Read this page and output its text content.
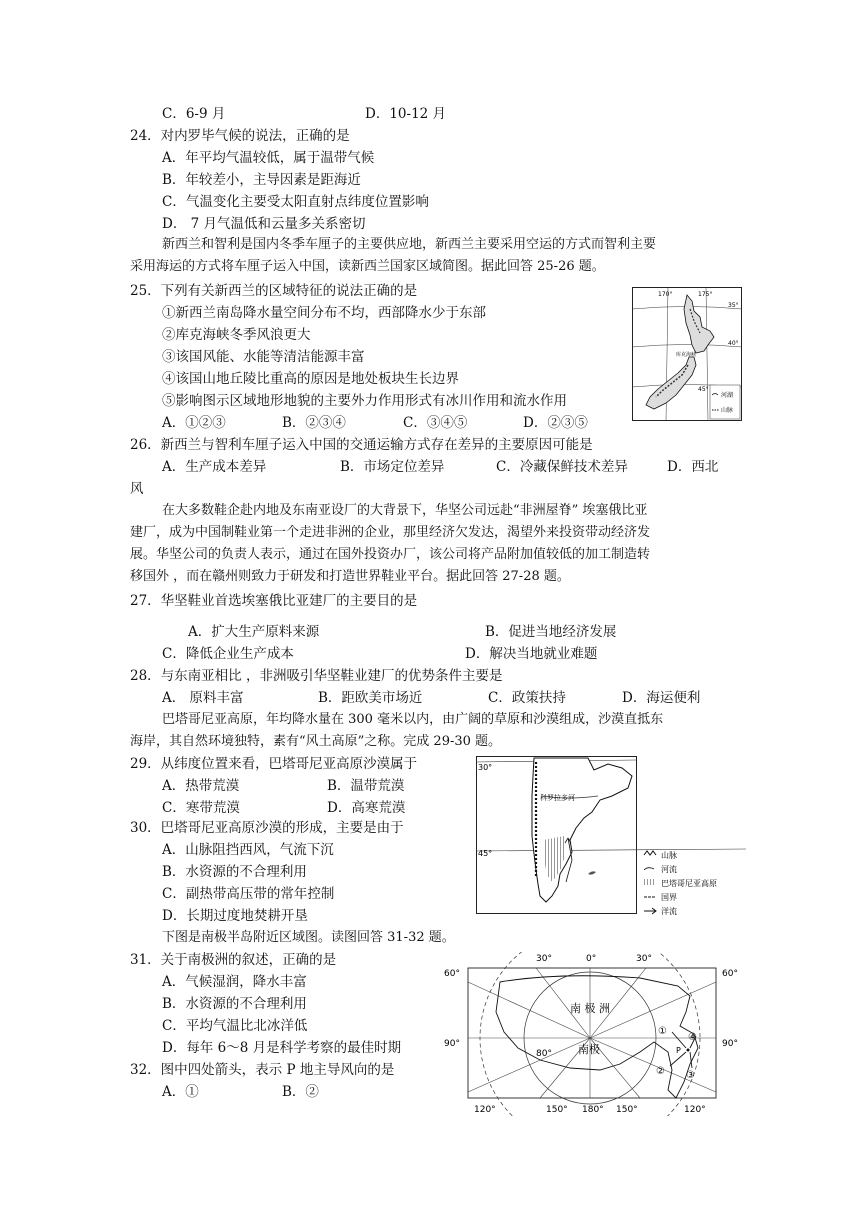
C．6-9 月	D．10-12 月
24．对内罗毕气候的说法，正确的是
A．年平均气温较低，属于温带气候
B．年较差小，主导因素是距海近
C．气温变化主要受太阳直射点纬度位置影响
D． 7 月气温低和云量多关系密切
新西兰和智利是国内冬季车厘子的主要供应地，新西兰主要采用空运的方式而智利主要
采用海运的方式将车厘子运入中国，读新西兰国家区域简图。据此回答 25-26 题。
25．下列有关新西兰的区域特征的说法正确的是
①新西兰南岛降水量空间分布不均，西部降水少于东部
②库克海峡冬季风浪更大
③该国风能、水能等清洁能源丰富
④该国山地丘陵比重高的原因是地处板块生长边界
⑤影响图示区域地形地貌的主要外力作用形式有冰川作用和流水作用
A．①②③	B．②③④	C．③④⑤	D．②③⑤
170°	175°
35°
40°
45°
库克海峡
河湖
山脉
26．新西兰与智利车厘子运入中国的交通运输方式存在差异的主要原因可能是
A．生产成本差异	B．市场定位差异	C．冷藏保鲜技术差异	D．西北
风
在大多数鞋企赴内地及东南亚设厂的大背景下，华坚公司远赴“非洲屋脊” 埃塞俄比亚
建厂，成为中国制鞋业第一个走进非洲的企业，那里经济欠发达，渴望外来投资带动经济发
展。华坚公司的负责人表示，通过在国外投资办厂，该公司将产品附加值较低的加工制造转
移国外 ，而在赣州则致力于研发和打造世界鞋业平台。据此回答 27-28 题。
27．华坚鞋业首选埃塞俄比亚建厂的主要目的是
A．扩大生产原料来源	B．促进当地经济发展
C．降低企业生产成本	D．解决当地就业难题
28．与东南亚相比 ，非洲吸引华坚鞋业建厂的优势条件主要是
A． 原料丰富	B．距欧美市场近	C．政策扶持	D．海运便利
巴塔哥尼亚高原，年均降水量在 300 毫米以内，由广阔的草原和沙漠组成，沙漠直抵东
海岸，其自然环境独特，素有“风土高原”之称。完成 29-30 题。
29．从纬度位置来看，巴塔哥尼亚高原沙漠属于
A．热带荒漠	B．温带荒漠
C．寒带荒漠	D．高寒荒漠
30°
45°
科罗拉多河
山脉
河流
巴塔哥尼亚高原
国界
洋流
30．巴塔哥尼亚高原沙漠的形成，主要是由于
A．山脉阻挡西风，气流下沉
B．水资源的不合理利用
C．副热带高压带的常年控制
D．长期过度地焚耕开垦
下图是南极半岛附近区域图。读图回答 31-32 题。
31．关于南极洲的叙述，正确的是
A．气候湿润，降水丰富
B．水资源的不合理利用
C．平均气温比北冰洋低
D．每年 6～8 月是科学考察的最佳时期
32．图中四处箭头，表示 P 地主导风向的是
A．①	B．②
30°	0°	30°
60°
90°
120°
60°
90°
120°
150° 180° 150°
80°
南 极 洲
南极	P
①
② ③
④
